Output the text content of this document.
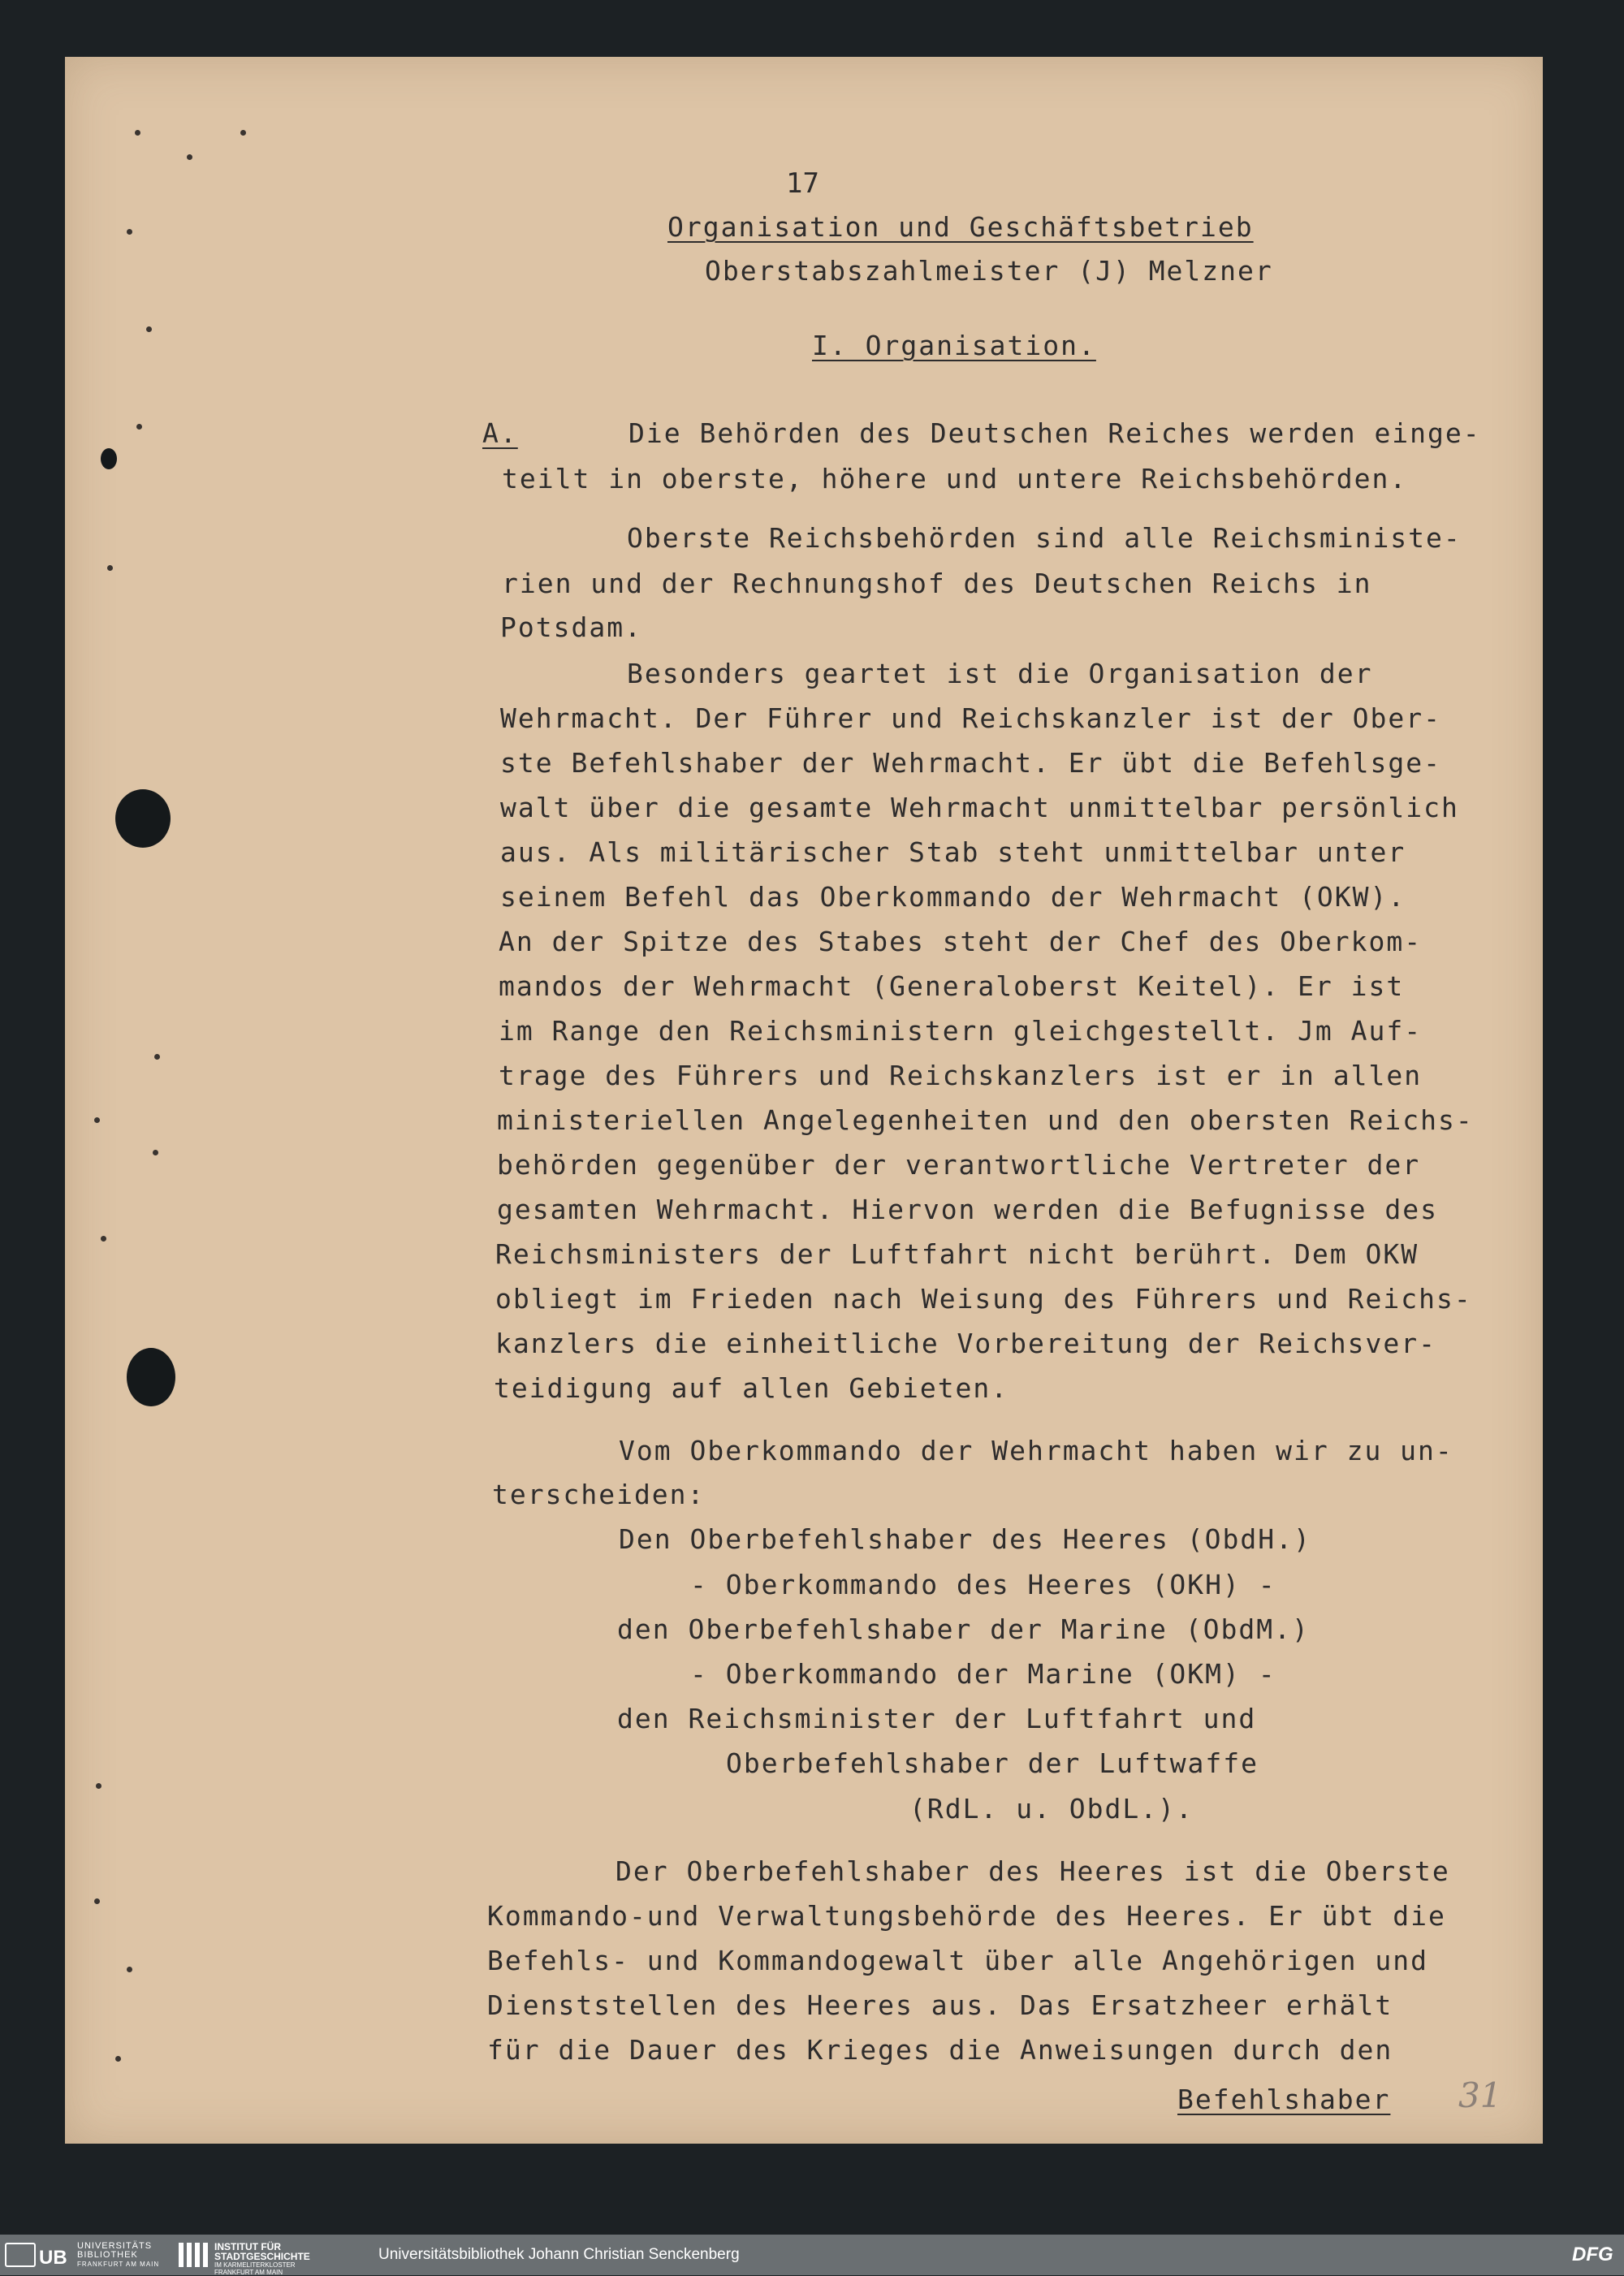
17
Organisation und Geschäftsbetrieb
Oberstabszahlmeister (J) Melzner
I. Organisation.
A.	Die Behörden des Deutschen Reiches werden einge-
teilt in oberste, höhere und untere Reichsbehörden.
Oberste Reichsbehörden sind alle Reichsministe-
rien und der Rechnungshof des Deutschen Reichs in
Potsdam.
Besonders geartet ist die Organisation der
Wehrmacht. Der Führer und Reichskanzler ist der Ober-
ste Befehlshaber der Wehrmacht. Er übt die Befehlsge-
walt über die gesamte Wehrmacht unmittelbar persönlich
aus. Als militärischer Stab steht unmittelbar unter
seinem Befehl das Oberkommando der Wehrmacht (OKW).
An der Spitze des Stabes steht der Chef des Oberkom-
mandos der Wehrmacht (Generaloberst Keitel). Er ist
im Range den Reichsministern gleichgestellt. Jm Auf-
trage des Führers und Reichskanzlers ist er in allen
ministeriellen Angelegenheiten und den obersten Reichs-
behörden gegenüber der verantwortliche Vertreter der
gesamten Wehrmacht. Hiervon werden die Befugnisse des
Reichsministers der Luftfahrt nicht berührt. Dem OKW
obliegt im Frieden nach Weisung des Führers und Reichs-
kanzlers die einheitliche Vorbereitung der Reichsver-
teidigung auf allen Gebieten.
Vom Oberkommando der Wehrmacht haben wir zu un-
terscheiden:
Den Oberbefehlshaber des Heeres (ObdH.)
- Oberkommando des Heeres (OKH) -
den Oberbefehlshaber der Marine (ObdM.)
- Oberkommando der Marine (OKM) -
den Reichsminister der Luftfahrt und
Oberbefehlshaber der Luftwaffe
(RdL. u. ObdL.).
Der Oberbefehlshaber des Heeres ist die Oberste
Kommando-und Verwaltungsbehörde des Heeres. Er übt die
Befehls- und Kommandogewalt über alle Angehörigen und
Dienststellen des Heeres aus. Das Ersatzheer erhält
für die Dauer des Krieges die Anweisungen durch den
Befehlshaber 31
UB
UNIVERSITÄTS
BIBLIOTHEK
FRANKFURT AM MAIN
INSTITUT FÜR
STADTGESCHICHTE
IM KARMELITERKLOSTER
FRANKFURT AM MAIN
Universitätsbibliothek Johann Christian Senckenberg	DFG
